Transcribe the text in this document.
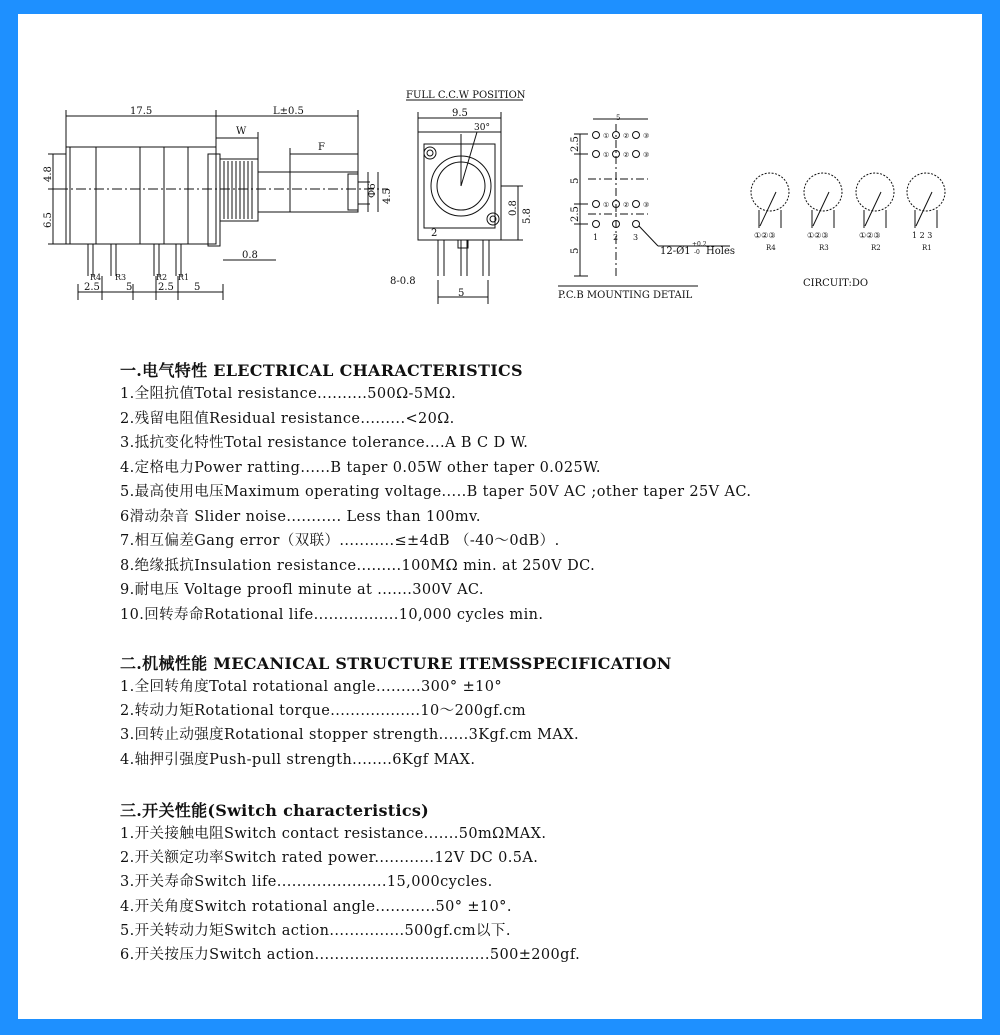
17.5	L±0.5
W
F
4.8
6.5
Φ6 4.5
0.8
R4 R3	R2 R1
2.5	5	2.5 5
FULL C.C.W POSITION
9.5
30°
5.8
0.8
2
8-0.8
5
5
2.5
5
2.5
5
① ② ③
① ② ③
① ② ③
1 2 3
12-Ø1
+0.2
-0 Holes
P.C.B MOUNTING DETAIL
①②③	①②③	①②③	1 2 3
R4	R3	R2	R1
CIRCUIT:DO
一.电气特性 ELECTRICAL CHARACTERISTICS
1.全阻抗值Total resistance..........500Ω-5MΩ.
2.残留电阻值Residual resistance.........<20Ω.
3.抵抗变化特性Total resistance tolerance....A B C D W.
4.定格电力Power ratting......B taper 0.05W other taper 0.025W.
5.最高使用电压Maximum operating voltage.....B taper 50V AC ;other taper 25V AC.
6滑动杂音 Slider noise........... Less than 100mv.
7.相互偏差Gang error（双联）...........≤±4dB （-40～0dB）.
8.绝缘抵抗Insulation resistance.........100MΩ min. at 250V DC.
9.耐电压 Voltage proofl minute at .......300V AC.
10.回转寿命Rotational life.................10,000 cycles min.
二.机械性能 MECANICAL STRUCTURE ITEMSSPECIFICATION
1.全回转角度Total rotational angle.........300° ±10°
2.转动力矩Rotational torque..................10～200gf.cm
3.回转止动强度Rotational stopper strength......3Kgf.cm MAX.
4.轴押引强度Push-pull strength........6Kgf MAX.
三.开关性能(Switch characteristics)
1.开关接触电阻Switch contact resistance.......50mΩMAX.
2.开关额定功率Switch rated power............12V DC 0.5A.
3.开关寿命Switch life......................15,000cycles.
4.开关角度Switch rotational angle............50° ±10°.
5.开关转动力矩Switch action...............500gf.cm以下.
6.开关按压力Switch action...................................500±200gf.
